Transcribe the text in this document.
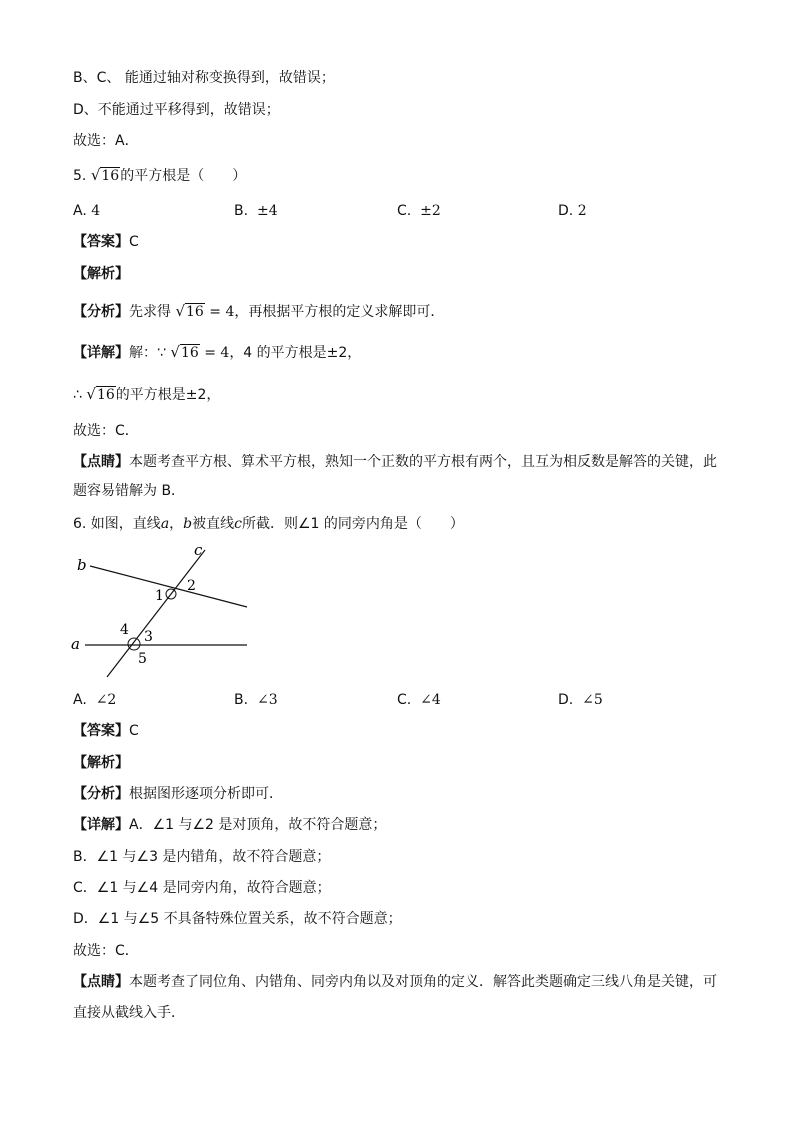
B、C、 能通过轴对称变换得到，故错误；
D、不能通过平移得到，故错误；
故选：A．
5. √16的平方根是（　　）
A. 4	B. ±4	C. ±2	D. 2
【答案】C
【解析】
【分析】先求得 √16 = 4，再根据平方根的定义求解即可．
【详解】解：∵ √16 = 4，4 的平方根是±2，
∴ √16的平方根是±2，
故选：C．
【点睛】本题考查平方根、算术平方根，熟知一个正数的平方根有两个，且互为相反数是解答的关键，此
题容易错解为 B．
6. 如图，直线a，b被直线c所截．则∠1 的同旁内角是（　　）
b
c
a
1
2
4 3
5
A. ∠2	B. ∠3	C. ∠4	D. ∠5
【答案】C
【解析】
【分析】根据图形逐项分析即可．
【详解】A．∠1 与∠2 是对顶角，故不符合题意；
B．∠1 与∠3 是内错角，故不符合题意；
C．∠1 与∠4 是同旁内角，故符合题意；
D．∠1 与∠5 不具备特殊位置关系，故不符合题意；
故选：C．
【点睛】本题考查了同位角、内错角、同旁内角以及对顶角的定义．解答此类题确定三线八角是关键，可
直接从截线入手．
